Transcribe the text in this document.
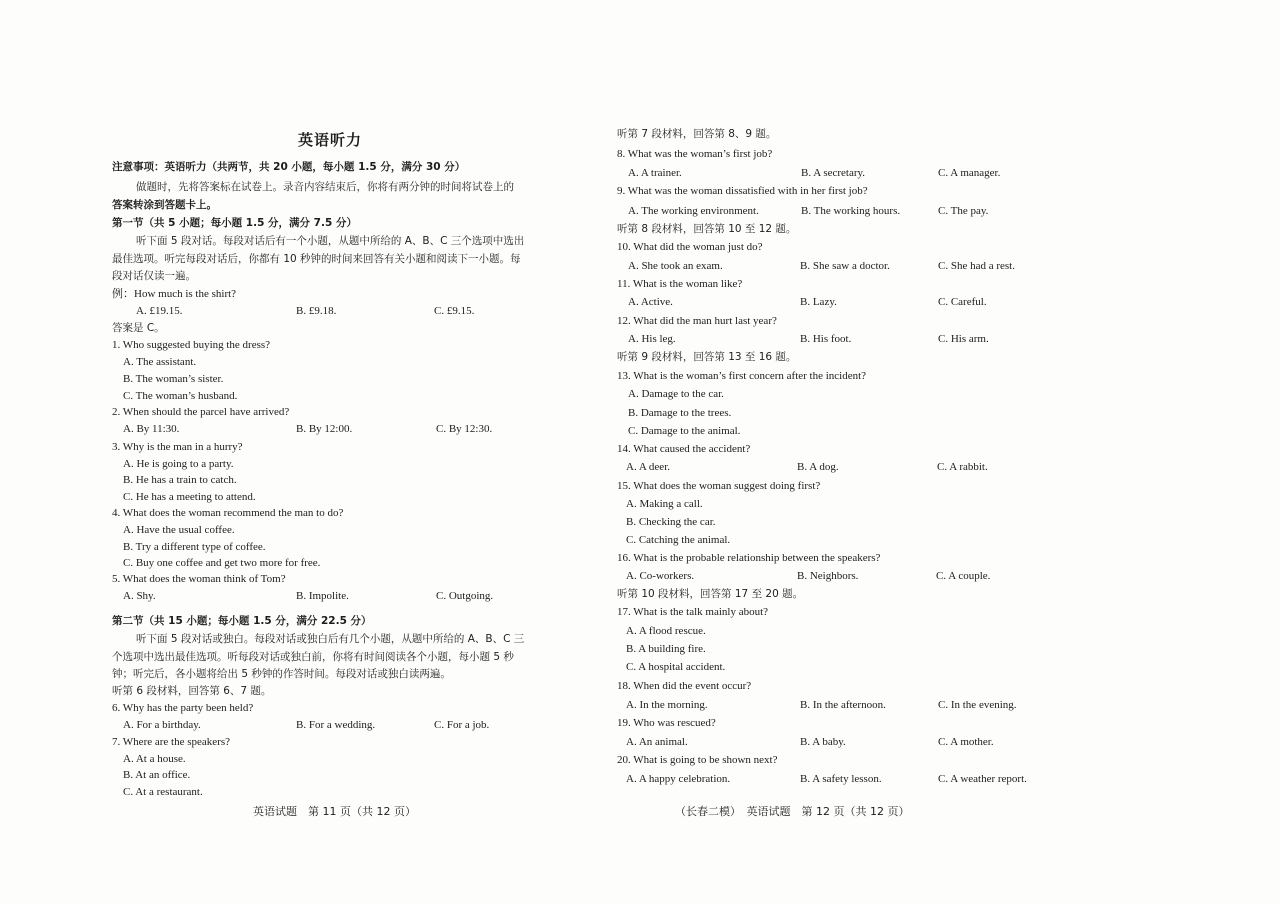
英语听力
注意事项：英语听力（共两节，共 20 小题，每小题 1.5 分，满分 30 分）
做题时，先将答案标在试卷上。录音内容结束后，你将有两分钟的时间将试卷上的
答案转涂到答题卡上。
第一节（共 5 小题；每小题 1.5 分，满分 7.5 分）
听下面 5 段对话。每段对话后有一个小题，从题中所给的 A、B、C 三个选项中选出
最佳选项。听完每段对话后，你都有 10 秒钟的时间来回答有关小题和阅读下一小题。每
段对话仅读一遍。
例：How much is the shirt?
A. £19.15.	B. £9.18.	C. £9.15.
答案是 C。
1. Who suggested buying the dress?
A. The assistant.
B. The woman’s sister.
C. The woman’s husband.
2. When should the parcel have arrived?
A. By 11:30.	B. By 12:00.	C. By 12:30.
3. Why is the man in a hurry?
A. He is going to a party.
B. He has a train to catch.
C. He has a meeting to attend.
4. What does the woman recommend the man to do?
A. Have the usual coffee.
B. Try a different type of coffee.
C. Buy one coffee and get two more for free.
5. What does the woman think of Tom?
A. Shy.	B. Impolite.	C. Outgoing.
第二节（共 15 小题；每小题 1.5 分，满分 22.5 分）
听下面 5 段对话或独白。每段对话或独白后有几个小题，从题中所给的 A、B、C 三
个选项中选出最佳选项。听每段对话或独白前，你将有时间阅读各个小题，每小题 5 秒
钟；听完后，各小题将给出 5 秒钟的作答时间。每段对话或独白读两遍。
听第 6 段材料，回答第 6、7 题。
6. Why has the party been held?
A. For a birthday.	B. For a wedding.	C. For a job.
7. Where are the speakers?
A. At a house.
B. At an office.
C. At a restaurant.
英语试题　第 11 页（共 12 页）
听第 7 段材料，回答第 8、9 题。
8. What was the woman’s first job?
A. A trainer.	B. A secretary.	C. A manager.
9. What was the woman dissatisfied with in her first job?
A. The working environment.	B. The working hours.	C. The pay.
听第 8 段材料，回答第 10 至 12 题。
10. What did the woman just do?
A. She took an exam.	B. She saw a doctor.	C. She had a rest.
11. What is the woman like?
A. Active.	B. Lazy.	C. Careful.
12. What did the man hurt last year?
A. His leg.	B. His foot.	C. His arm.
听第 9 段材料，回答第 13 至 16 题。
13. What is the woman’s first concern after the incident?
A. Damage to the car.
B. Damage to the trees.
C. Damage to the animal.
14. What caused the accident?
A. A deer.	B. A dog.	C. A rabbit.
15. What does the woman suggest doing first?
A. Making a call.
B. Checking the car.
C. Catching the animal.
16. What is the probable relationship between the speakers?
A. Co-workers.	B. Neighbors.	C. A couple.
听第 10 段材料，回答第 17 至 20 题。
17. What is the talk mainly about?
A. A flood rescue.
B. A building fire.
C. A hospital accident.
18. When did the event occur?
A. In the morning.	B. In the afternoon.	C. In the evening.
19. Who was rescued?
A. An animal.	B. A baby.	C. A mother.
20. What is going to be shown next?
A. A happy celebration.	B. A safety lesson.	C. A weather report.
（长春二模）　英语试题　第 12 页（共 12 页）
